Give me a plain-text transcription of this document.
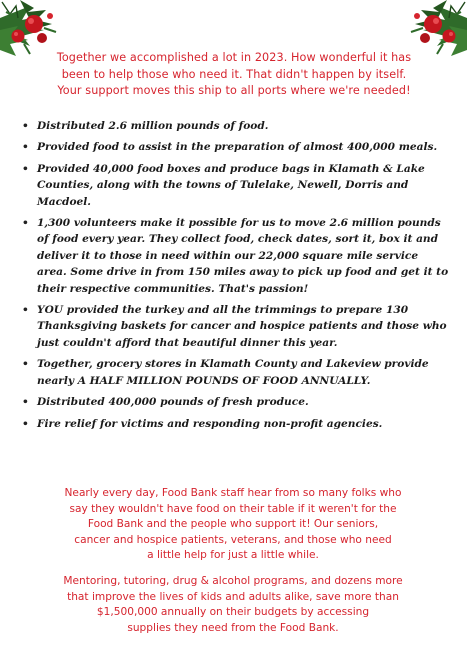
Together we accomplished a lot in 2023. How wonderful it has
been to help those who need it. That didn't happen by itself.
Your support moves this ship to all ports where we're needed!
• Distributed 2.6 million pounds of food.
• Provided food to assist in the preparation of almost 400,000 meals.
• Provided 40,000 food boxes and produce bags in Klamath & Lake Counties, along with the towns of Tulelake, Newell, Dorris and Macdoel.
• 1,300 volunteers make it possible for us to move 2.6 million pounds of food every year. They collect food, check dates, sort it, box it and deliver it to those in need within our 22,000 square mile service area. Some drive in from 150 miles away to pick up food and get it to their respective communities. That's passion!
• YOU provided the turkey and all the trimmings to prepare 130 Thanksgiving baskets for cancer and hospice patients and those who just couldn't afford that beautiful dinner this year.
• Together, grocery stores in Klamath County and Lakeview provide nearly A HALF MILLION POUNDS OF FOOD ANNUALLY.
• Distributed 400,000 pounds of fresh produce.
• Fire relief for victims and responding non-profit agencies.
Nearly every day, Food Bank staff hear from so many folks who
say they wouldn't have food on their table if it weren't for the
Food Bank and the people who support it! Our seniors,
cancer and hospice patients, veterans, and those who need
a little help for just a little while.
Mentoring, tutoring, drug & alcohol programs, and dozens more
that improve the lives of kids and adults alike, save more than
$1,500,000 annually on their budgets by accessing
supplies they need from the Food Bank.
